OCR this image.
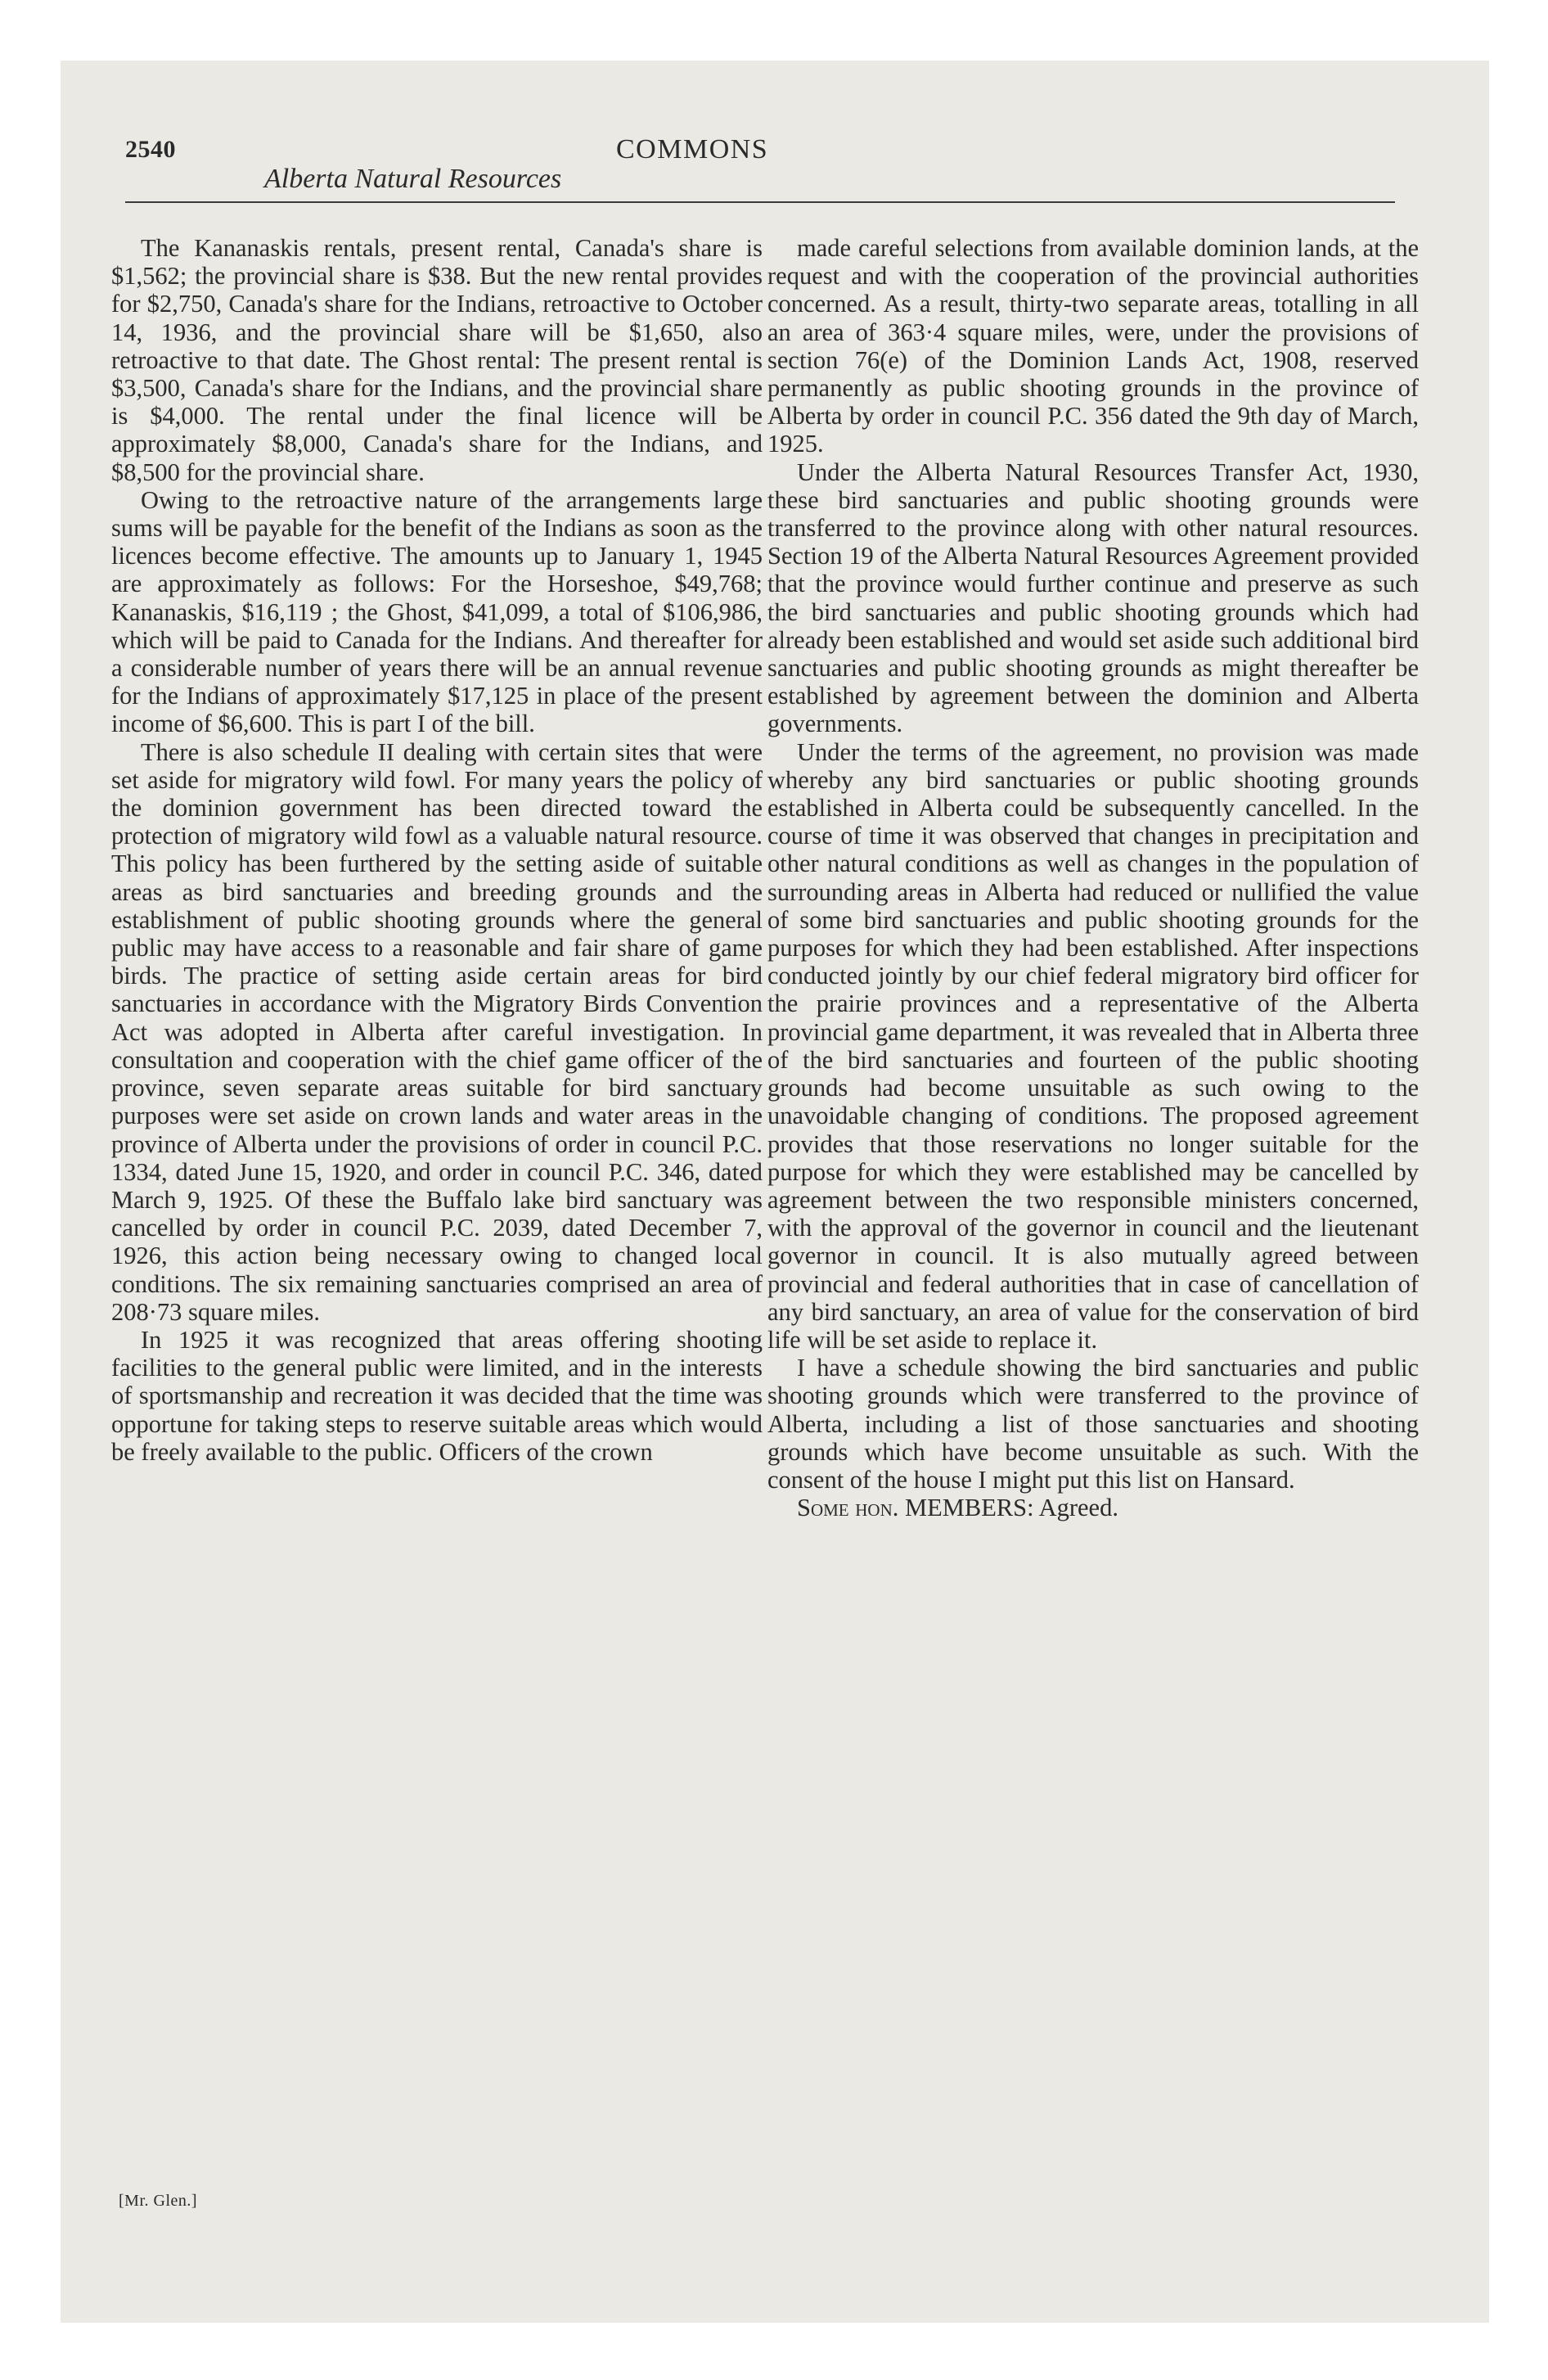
2540	COMMONS
Alberta Natural Resources

The Kananaskis rentals, present rental, Canada's share is $1,562; the provincial share is $38. But the new rental provides for $2,750, Canada's share for the Indians, retroactive to October 14, 1936, and the provincial share will be $1,650, also retroactive to that date. The Ghost rental: The present rental is $3,500, Canada's share for the Indians, and the provincial share is $4,000. The rental under the final licence will be approximately $8,000, Canada's share for the Indians, and $8,500 for the provincial share.

Owing to the retroactive nature of the arrangements large sums will be payable for the benefit of the Indians as soon as the licences become effective. The amounts up to January 1, 1945 are approximately as follows: For the Horseshoe, $49,768; Kananaskis, $16,119 ; the Ghost, $41,099, a total of $106,986, which will be paid to Canada for the Indians. And thereafter for a considerable number of years there will be an annual revenue for the Indians of approximately $17,125 in place of the present income of $6,600. This is part I of the bill.

There is also schedule II dealing with certain sites that were set aside for migratory wild fowl. For many years the policy of the dominion government has been directed toward the protection of migratory wild fowl as a valuable natural resource. This policy has been furthered by the setting aside of suitable areas as bird sanctuaries and breeding grounds and the establishment of public shooting grounds where the general public may have access to a reasonable and fair share of game birds. The practice of setting aside certain areas for bird sanctuaries in accordance with the Migratory Birds Convention Act was adopted in Alberta after careful investigation. In consultation and cooperation with the chief game officer of the province, seven separate areas suitable for bird sanctuary purposes were set aside on crown lands and water areas in the province of Alberta under the provisions of order in council P.C. 1334, dated June 15, 1920, and order in council P.C. 346, dated March 9, 1925. Of these the Buffalo lake bird sanctuary was cancelled by order in council P.C. 2039, dated December 7, 1926, this action being necessary owing to changed local conditions. The six remaining sanctuaries comprised an area of 208·73 square miles.

In 1925 it was recognized that areas offering shooting facilities to the general public were limited, and in the interests of sportsmanship and recreation it was decided that the time was opportune for taking steps to reserve suitable areas which would be freely available to the public. Officers of the crown

made careful selections from available dominion lands, at the request and with the cooperation of the provincial authorities concerned. As a result, thirty-two separate areas, totalling in all an area of 363·4 square miles, were, under the provisions of section 76(e) of the Dominion Lands Act, 1908, reserved permanently as public shooting grounds in the province of Alberta by order in council P.C. 356 dated the 9th day of March, 1925.

Under the Alberta Natural Resources Transfer Act, 1930, these bird sanctuaries and public shooting grounds were transferred to the province along with other natural resources. Section 19 of the Alberta Natural Resources Agreement provided that the province would further continue and preserve as such the bird sanctuaries and public shooting grounds which had already been established and would set aside such additional bird sanctuaries and public shooting grounds as might thereafter be established by agreement between the dominion and Alberta governments.

Under the terms of the agreement, no provision was made whereby any bird sanctuaries or public shooting grounds established in Alberta could be subsequently cancelled. In the course of time it was observed that changes in precipitation and other natural conditions as well as changes in the population of surrounding areas in Alberta had reduced or nullified the value of some bird sanctuaries and public shooting grounds for the purposes for which they had been established. After inspections conducted jointly by our chief federal migratory bird officer for the prairie provinces and a representative of the Alberta provincial game department, it was revealed that in Alberta three of the bird sanctuaries and fourteen of the public shooting grounds had become unsuitable as such owing to the unavoidable changing of conditions. The proposed agreement provides that those reservations no longer suitable for the purpose for which they were established may be cancelled by agreement between the two responsible ministers concerned, with the approval of the governor in council and the lieutenant governor in council. It is also mutually agreed between provincial and federal authorities that in case of cancellation of any bird sanctuary, an area of value for the conservation of bird life will be set aside to replace it.

I have a schedule showing the bird sanctuaries and public shooting grounds which were transferred to the province of Alberta, including a list of those sanctuaries and shooting grounds which have become unsuitable as such. With the consent of the house I might put this list on Hansard.

Some hon. MEMBERS: Agreed.

[Mr. Glen.]
